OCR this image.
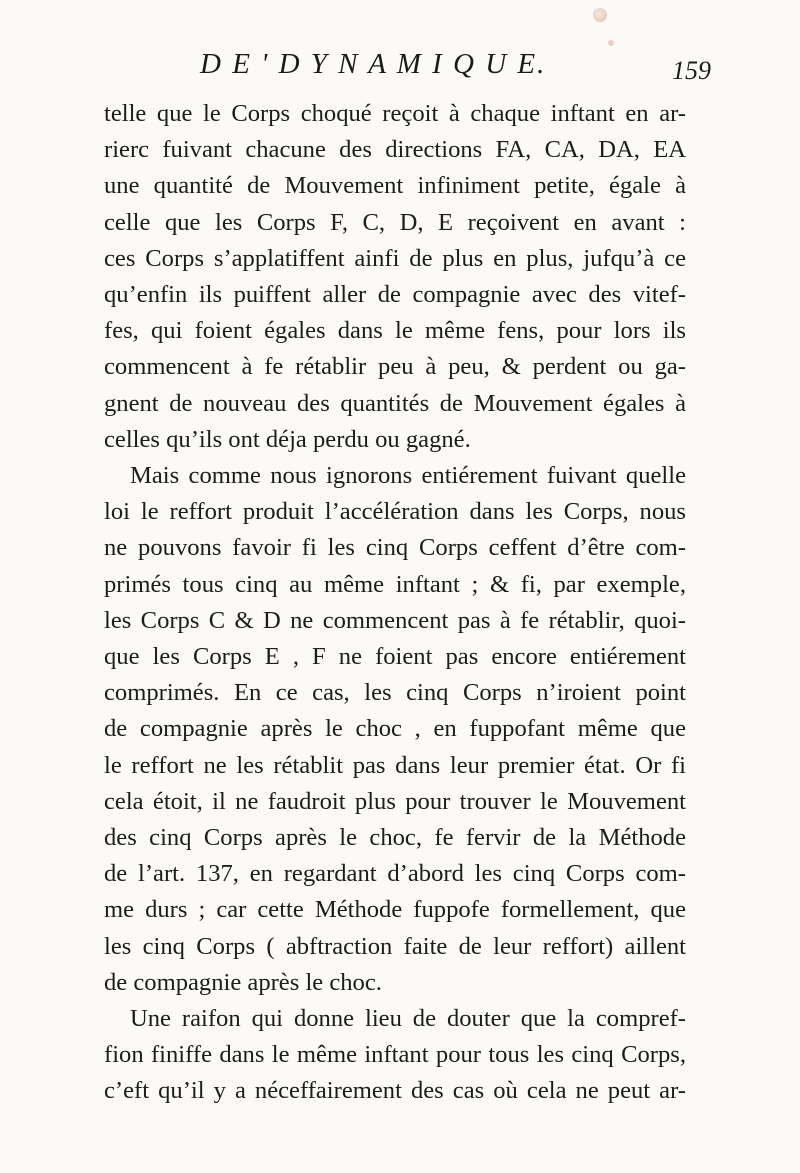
D E ' D Y N A M I Q U E.	159
telle que le Corps choqué reçoit à chaque inftant en ar-
rierc fuivant chacune des directions FA, CA, DA, EA
une quantité de Mouvement infiniment petite, égale à
celle que les Corps F, C, D, E reçoivent en avant :
ces Corps s’applatiffent ainfi de plus en plus, jufqu’à ce
qu’enfin ils puiffent aller de compagnie avec des vitef-
fes, qui foient égales dans le même fens, pour lors ils
commencent à fe rétablir peu à peu, & perdent ou ga-
gnent de nouveau des quantités de Mouvement égales à
celles qu’ils ont déja perdu ou gagné.
Mais comme nous ignorons entiérement fuivant quelle
loi le reffort produit l’accélération dans les Corps, nous
ne pouvons favoir fi les cinq Corps ceffent d’être com-
primés tous cinq au même inftant ; & fi, par exemple,
les Corps C & D ne commencent pas à fe rétablir, quoi-
que les Corps E , F ne foient pas encore entiérement
comprimés. En ce cas, les cinq Corps n’iroient point
de compagnie après le choc , en fuppofant même que
le reffort ne les rétablit pas dans leur premier état. Or fi
cela étoit, il ne faudroit plus pour trouver le Mouvement
des cinq Corps après le choc, fe fervir de la Méthode
de l’art. 137, en regardant d’abord les cinq Corps com-
me durs ; car cette Méthode fuppofe formellement, que
les cinq Corps ( abftraction faite de leur reffort) aillent
de compagnie après le choc.
Une raifon qui donne lieu de douter que la compref-
fion finiffe dans le même inftant pour tous les cinq Corps,
c’eft qu’il y a néceffairement des cas où cela ne peut ar-
